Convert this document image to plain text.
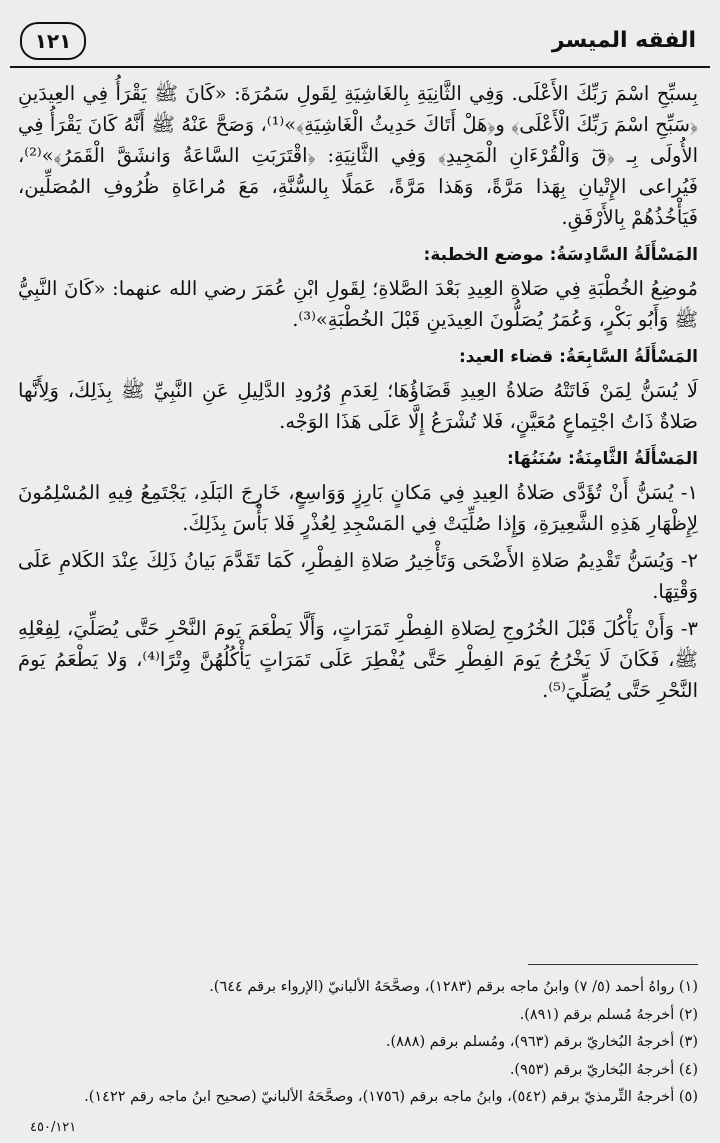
الفقه الميسر
١٢١

بِسبِّحِ اسْمَ رَبِّكَ الأَعْلَى. وَفِي الثَّانِيَةِ بِالغَاشِيَةِ لِقَولِ سَمُرَةَ: «كَانَ ﷺ يَقْرَأُ فِي العِيدَينِ ﴿سَبِّحِ اسْمَ رَبِّكَ الْأَعْلَى﴾ و﴿هَلْ أَتَاكَ حَدِيثُ الْغَاشِيَةِ﴾»⁽¹⁾، وَصَحَّ عَنْهُ ﷺ أَنَّهُ كَانَ يَقْرَأُ فِي الأُولَى بِـ ﴿قٓ وَالْقُرْءَانِ الْمَجِيدِ﴾ وَفِي الثَّانِيَةِ: ﴿اقْتَرَبَتِ السَّاعَةُ وَانشَقَّ الْقَمَرُ﴾»⁽²⁾، فَيُراعى الإِتْيانِ بِهَذا مَرَّةً، وَهَذا مَرَّةً، عَمَلًا بِالسُّنَّةِ، مَعَ مُراعَاةِ ظُرُوفِ المُصَلِّين، فَيَأْخُذُهُمْ بِالأَرْفَقِ.

المَسْأَلَةُ السَّادِسَةُ: موضع الخطبة:

مُوضِعُ الخُطْبَةِ فِي صَلاةِ العِيدِ بَعْدَ الصَّلاةِ؛ لِقَولِ ابْنِ عُمَرَ رضي الله عنهما: «كَانَ النَّبِيُّ ﷺ وَأَبُو بَكْرٍ، وَعُمَرُ يُصَلُّونَ العِيدَينِ قَبْلَ الخُطْبَةِ»⁽³⁾.

المَسْأَلَةُ السَّابِعَةُ: قضاء العيد:

لَا يُسَنُّ لِمَنْ فَاتَتْهُ صَلاةُ العِيدِ قَضَاؤُهَا؛ لِعَدَمِ وُرُودِ الدَّلِيلِ عَنِ النَّبِيِّ ﷺ بِذَلِكَ، وَلِأَنَّها صَلاةٌ ذَاتُ اجْتِماعٍ مُعَيَّنٍ، فَلا تُشْرَعُ إِلَّا عَلَى هَذَا الوَجْه.

المَسْأَلَةُ الثَّامِنَةُ: سُنَنُهَا:

١- يُسَنُّ أَنْ تُؤَدَّى صَلاةُ العِيدِ فِي مَكانٍ بَارِزٍ وَوَاسِعٍ، خَارِجَ البَلَدِ، يَجْتَمِعُ فِيهِ المُسْلِمُونَ لِإِظْهَارِ هَذِهِ الشَّعِيرَةِ، وَإِذا صُلِّيَتْ فِي المَسْجِدِ لِعُذْرٍ فَلا بَأْسَ بِذَلِكَ.

٢- وَيُسَنُّ تَقْدِيمُ صَلاةِ الأَضْحَى وَتَأْخِيرُ صَلاةِ الفِطْرِ، كَمَا تَقَدَّمَ بَيانُ ذَلِكَ عِنْدَ الكَلامِ عَلَى وَقْتِهَا.

٣- وَأَنْ يَأْكُلَ قَبْلَ الخُرُوجِ لِصَلاةِ الفِطْرِ تَمَرَاتٍ، وَأَلَّا يَطْعَمَ يَومَ النَّحْرِ حَتَّى يُصَلِّيَ، لِفِعْلِهِ ﷺ، فَكَانَ لَا يَخْرُجُ يَومَ الفِطْرِ حَتَّى يُفْطِرَ عَلَى تَمَرَاتٍ يَأْكُلُهُنَّ وِتْرًا⁽⁴⁾، وَلا يَطْعَمُ يَومَ النَّحْرِ حَتَّى يُصَلِّيَ⁽⁵⁾.

(١) رواهُ أحمد (٥/ ٧) وابنُ ماجه برقم (١٢٨٣)، وصحَّحَهُ الألبانيّ (الإرواء برقم ٦٤٤).
(٢) أخرجهُ مُسلم برقم (٨٩١).
(٣) أخرجهُ البُخاريّ برقم (٩٦٣)، ومُسلم برقم (٨٨٨).
(٤) أخرجهُ البُخاريّ برقم (٩٥٣).
(٥) أخرجهُ التِّرمذيّ برقم (٥٤٢)، وابنُ ماجه برقم (١٧٥٦)، وصحَّحَهُ الألبانيّ (صحيح ابنُ ماجه رقم ١٤٢٢).
٤٥٠/١٢١
